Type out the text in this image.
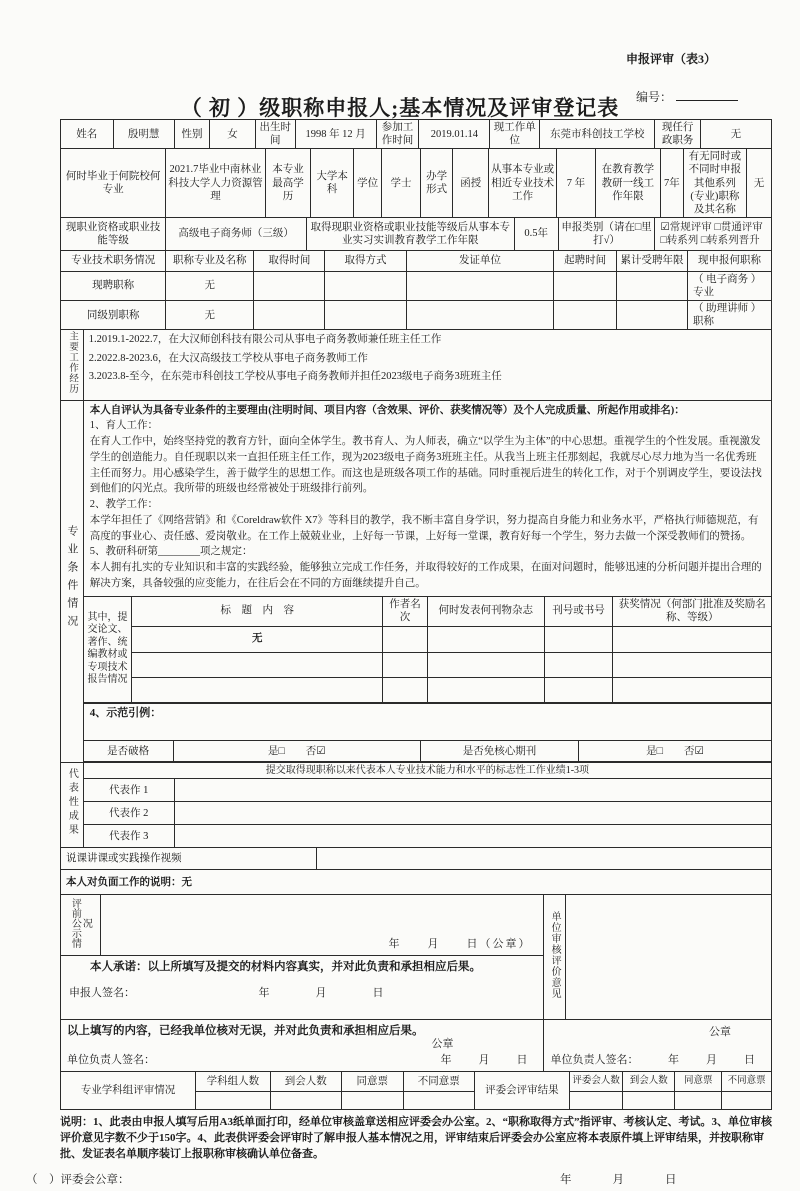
申报评审（表3）
编号：
（ 初 ）级职称申报人;基本情况及评审登记表
姓名	殷明慧	性别	女	出生时间	1998 年 12 月	参加工作时间	2019.01.14	现工作单位	东莞市科创技工学校	现任行政职务	无
何时毕业于何院校何专业	2021.7毕业中南林业科技大学人力资源管理	本专业最高学历	大学本科	学位	学士	办学形式	函授	从事本专业或相近专业技术工作	7 年	在教育教学教研一线工作年限	7年	有无同时或不同时申报其他系列 (专业)职称及其名称	无
现职业资格或职业技能等级	高级电子商务师（三级）	取得现职业资格或职业技能等级后从事本专业实习实训教育教学工作年限	0.5年	申报类别（请在□里打√）	
☑常规评审 □贯通评审
□转系列 □转系列晋升
专业技术职务情况	职称专业及名称	取得时间	取得方式	发证单位	起聘时间	累计受聘年限	现申报何职称
现聘职称	无						（ 电子商务 ）专业
同级别职称	无						（ 助理讲师 ）职称
主要工作经历	1.2019.1-2022.7，在大汉师创科技有限公司从事电子商务教师兼任班主任工作
2.2022.8-2023.6，在大汉高级技工学校从事电子商务教师工作
3.2023.8-至今，在东莞市科创技工学校从事电子商务教师并担任2023级电子商务3班班主任
专业条件情况	

本人自评认为具备专业条件的主要理由(注明时间、项目内容（含效果、评价、获奖情况等）及个人完成质量、所起作用或排名)：

1、育人工作：

在育人工作中，始终坚持党的教育方针，面向全体学生。教书育人、为人师表，确立“以学生为主体”的中心思想。重视学生的个性发展。重视激发学生的创造能力。自任现职以来一直担任班主任工作，现为2023级电子商务3班班主任。从我当上班主任那刻起，我就尽心尽力地为当一名优秀班主任而努力。用心感染学生，善于做学生的思想工作。而这也是班级各项工作的基础。同时重视后进生的转化工作，对于个别调皮学生，要设法找到他们的闪光点。我所带的班级也经常被处于班级排行前列。

2、教学工作：

本学年担任了《网络营销》和《Coreldraw软件 X7》等科目的教学，我不断丰富自身学识，努力提高自身能力和业务水平，严格执行师德规范，有高度的事业心、责任感、爱岗敬业。在工作上兢兢业业，上好每一节课，上好每一堂课，教育好每一个学生，努力去做一个深受教师们的赞扬。

5、教研科研第________项之规定：

本人拥有扎实的专业知识和丰富的实践经验，能够独立完成工作任务，并取得较好的工作成果，在面对问题时，能够迅速的分析问题并提出合理的解决方案，具备较强的应变能力，在往后会在不同的方面继续提升自己。

其中，提交论文、著作、统编教材或专项技术报告情况	标　题　内　容	作者名次	何时发表何刊物杂志	刊号或书号	获奖情况（何部门批准及奖励名称、等级）
无				

4、示范引例：
是否破格	是□　　否☑	是否免核心期刊	是□　　否☑
代表性成果	提交取得现职称以来代表本人专业技术能力和水平的标志性工作业绩1-3项	
	代表作 1	
	代表作 2	
	代表作 3	
说课讲课或实践操作视频	
本人对负面工作的说明：无
评前公示情况	年　　月　　日（公章）	单位审核评价意见	

本人承诺：以上所填写及提交的材料内容真实，并对此负责和承担相应后果。
申报人签名： 年　　月　　日			

以上填写的内容，已经我单位核对无误，并对此负责和承担相应后果。
公章
单位负责人签名：	年　月　日

公章
单位负责人签名：	年　月　日
专业学科组评审情况	学科组人数	到会人数	同意票	不同意票	评委会评审结果	评委会人数	到会人数	同意票	不同意票

说明：1、此表由申报人填写后用A3纸单面打印，经单位审核盖章送相应评委会办公室。2、“职称取得方式”指评审、考核认定、考试。3、单位审核评价意见字数不少于150字。4、此表供评委会评审时了解申报人基本情况之用，评审结束后评委会办公室应将本表原件填上评审结果，并按职称审批、发证表名单顺序装订上报职称审核确认单位备查。
（　）评委会公章：	年　　月　　日
